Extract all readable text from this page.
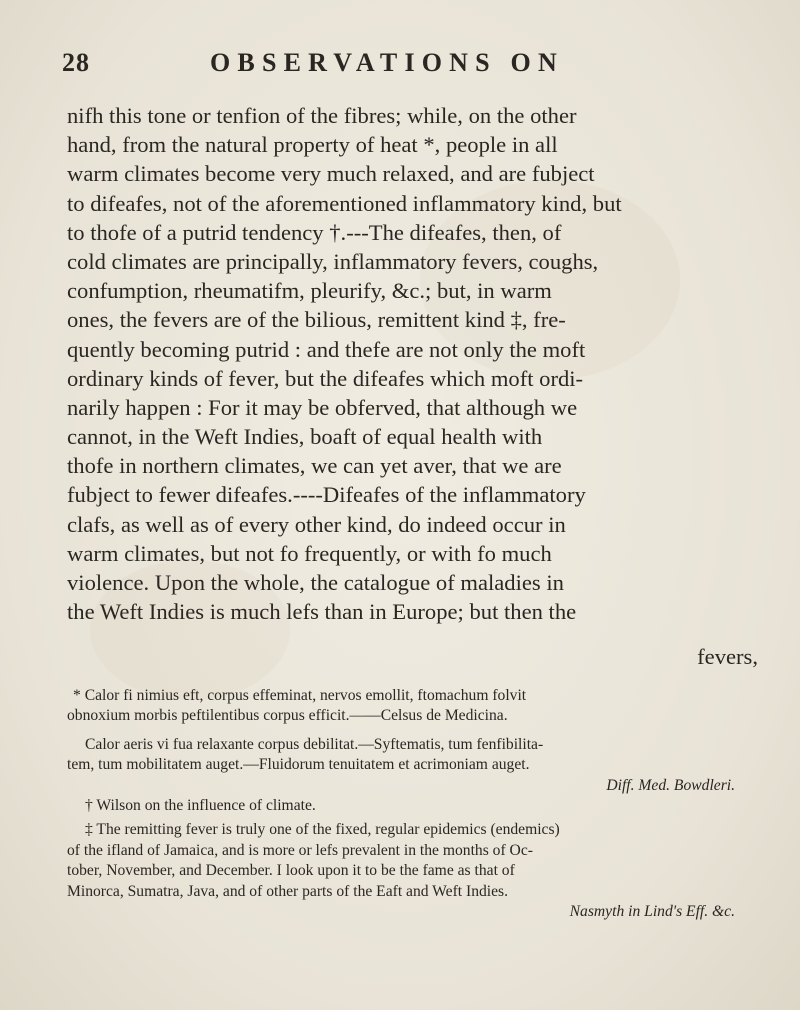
28	OBSERVATIONS ON
nifh this tone or tenfion of the fibres; while, on the other
hand, from the natural property of heat *, people in all
warm climates become very much relaxed, and are fubject
to difeafes, not of the aforementioned inflammatory kind, but
to thofe of a putrid tendency †.---The difeafes, then, of
cold climates are principally, inflammatory fevers, coughs,
confumption, rheumatifm, pleurify, &c.; but, in warm
ones, the fevers are of the bilious, remittent kind ‡, fre-
quently becoming putrid : and thefe are not only the moft
ordinary kinds of fever, but the difeafes which moft ordi-
narily happen : For it may be obferved, that although we
cannot, in the Weft Indies, boaft of equal health with
thofe in northern climates, we can yet aver, that we are
fubject to fewer difeafes.----Difeafes of the inflammatory
clafs, as well as of every other kind, do indeed occur in
warm climates, but not fo frequently, or with fo much
violence. Upon the whole, the catalogue of maladies in
the Weft Indies is much lefs than in Europe; but then the
fevers,
* Calor fi nimius eft, corpus effeminat, nervos emollit, ftomachum folvit
obnoxium morbis peftilentibus corpus efficit.——Celsus de Medicina.
Calor aeris vi fua relaxante corpus debilitat.—Syftematis, tum fenfibilita-
tem, tum mobilitatem auget.—Fluidorum tenuitatem et acrimoniam auget.
Diff. Med. Bowdleri.
† Wilson on the influence of climate.
‡ The remitting fever is truly one of the fixed, regular epidemics (endemics)
of the ifland of Jamaica, and is more or lefs prevalent in the months of Oc-
tober, November, and December. I look upon it to be the fame as that of
Minorca, Sumatra, Java, and of other parts of the Eaft and Weft Indies.
Nasmyth in Lind's Eff. &c.
